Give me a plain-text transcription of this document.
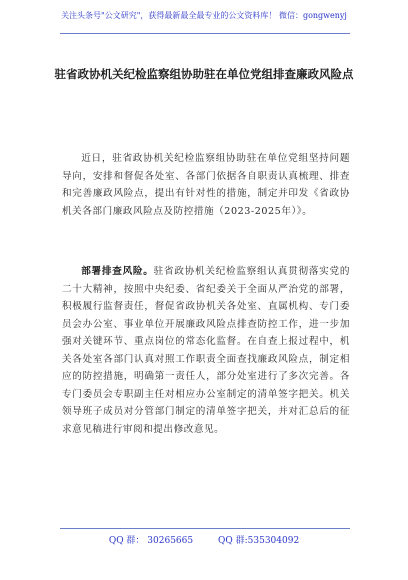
关注头条号"公文研究"，获得最新最全最专业的公文资料库！ 微信：gongwenyj
驻省政协机关纪检监察组协助驻在单位党组排查廉政风险点

近日，驻省政协机关纪检监察组协助驻在单位党组坚持问题导向，安排和督促各处室、各部门依据各自职责认真梳理、排查和完善廉政风险点，提出有针对性的措施，制定并印发《省政协机关各部门廉政风险点及防控措施（2023-2025年）》。

部署排查风险。驻省政协机关纪检监察组认真贯彻落实党的二十大精神，按照中央纪委、省纪委关于全面从严治党的部署，积极履行监督责任，督促省政协机关各处室、直属机构、专门委员会办公室、事业单位开展廉政风险点排查防控工作，进一步加强对关键环节、重点岗位的常态化监督。在自查上报过程中，机关各处室各部门认真对照工作职责全面查找廉政风险点，制定相应的防控措施，明确第一责任人，部分处室进行了多次完善。各专门委员会专职副主任对相应办公室制定的清单签字把关。机关领导班子成员对分管部门制定的清单签字把关，并对汇总后的征求意见稿进行审阅和提出修改意见。

QQ 群： 30265665	QQ 群:535304092
